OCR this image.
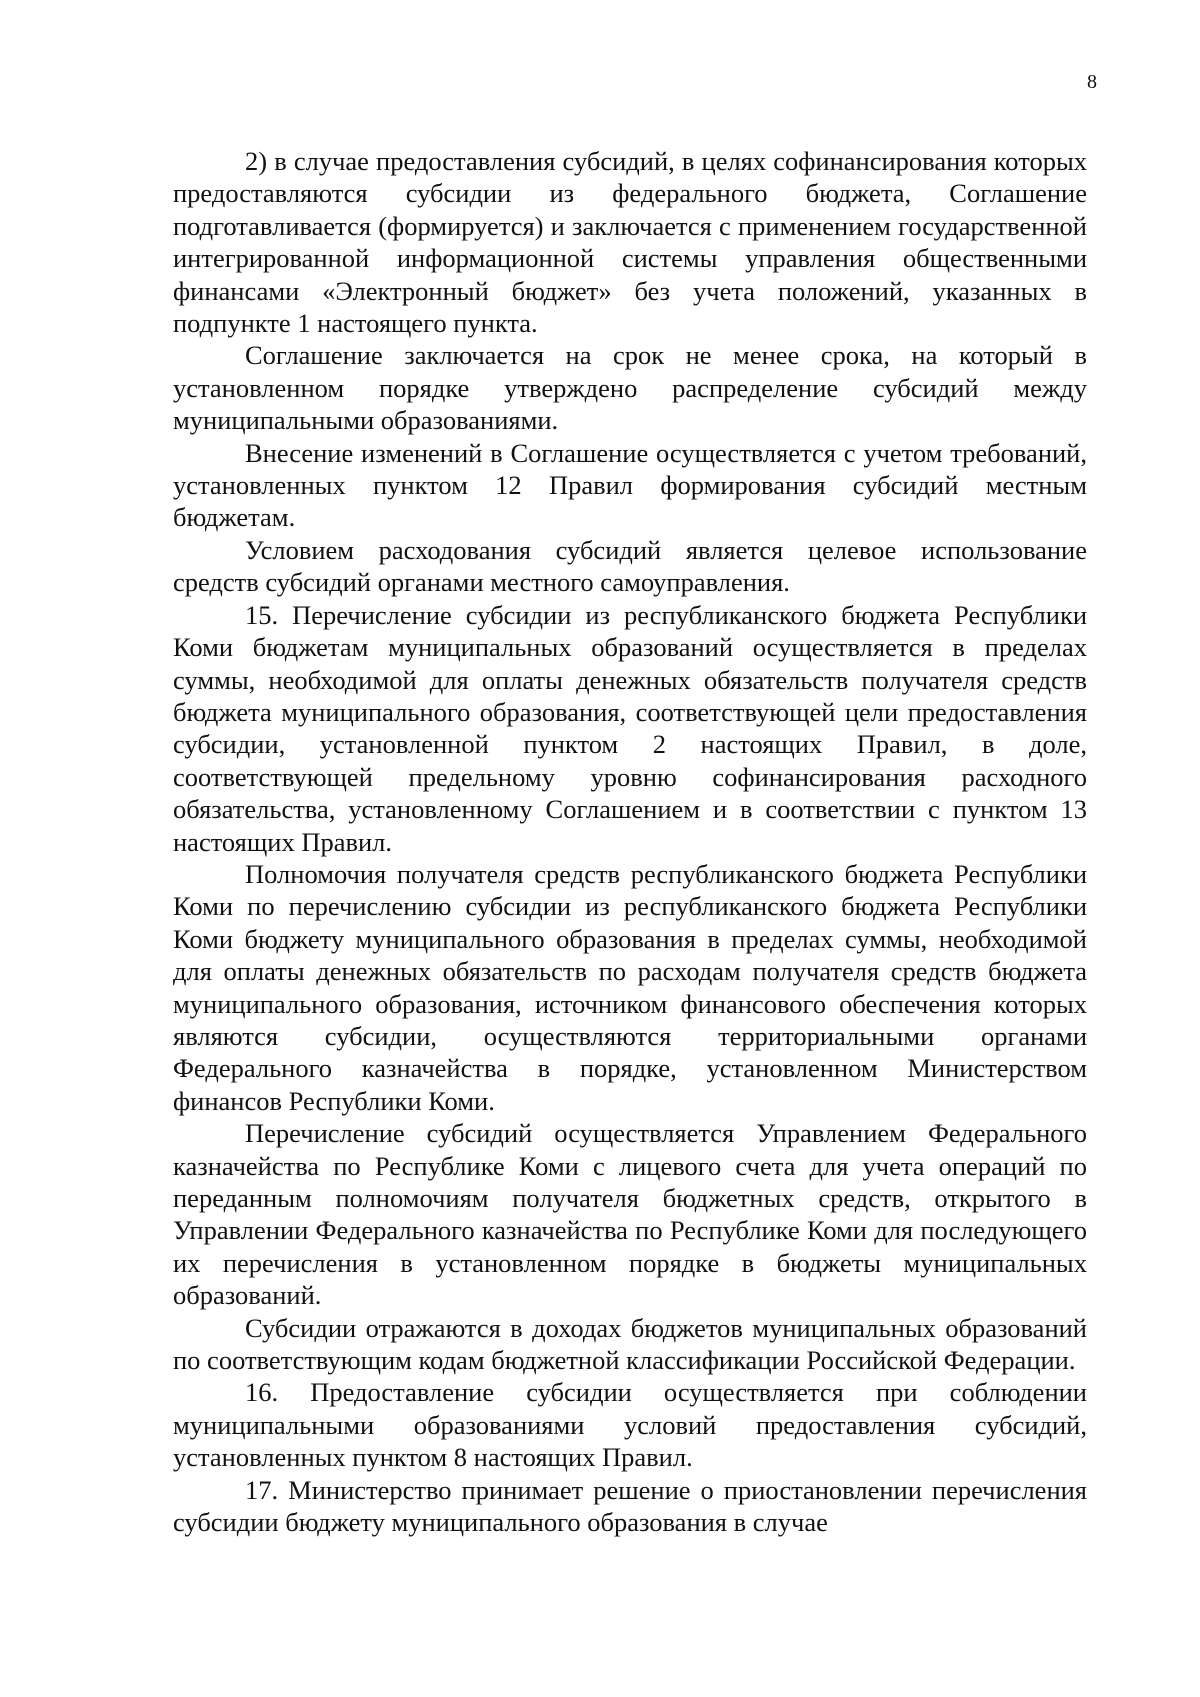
8

2) в случае предоставления субсидий, в целях софинансирования которых предоставляются субсидии из федерального бюджета, Соглашение подготавливается (формируется) и заключается с применением государственной интегрированной информационной системы управления общественными финансами «Электронный бюджет» без учета положений, указанных в подпункте 1 настоящего пункта.

Соглашение заключается на срок не менее срока, на который в установленном порядке утверждено распределение субсидий между муниципальными образованиями.

Внесение изменений в Соглашение осуществляется с учетом требований, установленных пунктом 12 Правил формирования субсидий местным бюджетам.

Условием расходования субсидий является целевое использование средств субсидий органами местного самоуправления.

15. Перечисление субсидии из республиканского бюджета Республики Коми бюджетам муниципальных образований осуществляется в пределах суммы, необходимой для оплаты денежных обязательств получателя средств бюджета муниципального образования, соответствующей цели предоставления субсидии, установленной пунктом 2 настоящих Правил, в доле, соответствующей предельному уровню софинансирования расходного обязательства, установленному Соглашением и в соответствии с пунктом 13 настоящих Правил.

Полномочия получателя средств республиканского бюджета Республики Коми по перечислению субсидии из республиканского бюджета Республики Коми бюджету муниципального образования в пределах суммы, необходимой для оплаты денежных обязательств по расходам получателя средств бюджета муниципального образования, источником финансового обеспечения которых являются субсидии, осуществляются территориальными органами Федерального казначейства в порядке, установленном Министерством финансов Республики Коми.

Перечисление субсидий осуществляется Управлением Федерального казначейства по Республике Коми с лицевого счета для учета операций по переданным полномочиям получателя бюджетных средств, открытого в Управлении Федерального казначейства по Республике Коми для последующего их перечисления в установленном порядке в бюджеты муниципальных образований.

Субсидии отражаются в доходах бюджетов муниципальных образований по соответствующим кодам бюджетной классификации Российской Федерации.

16. Предоставление субсидии осуществляется при соблюдении муниципальными образованиями условий предоставления субсидий, установленных пунктом 8 настоящих Правил.

17. Министерство принимает решение о приостановлении перечисления субсидии бюджету муниципального образования в случае
